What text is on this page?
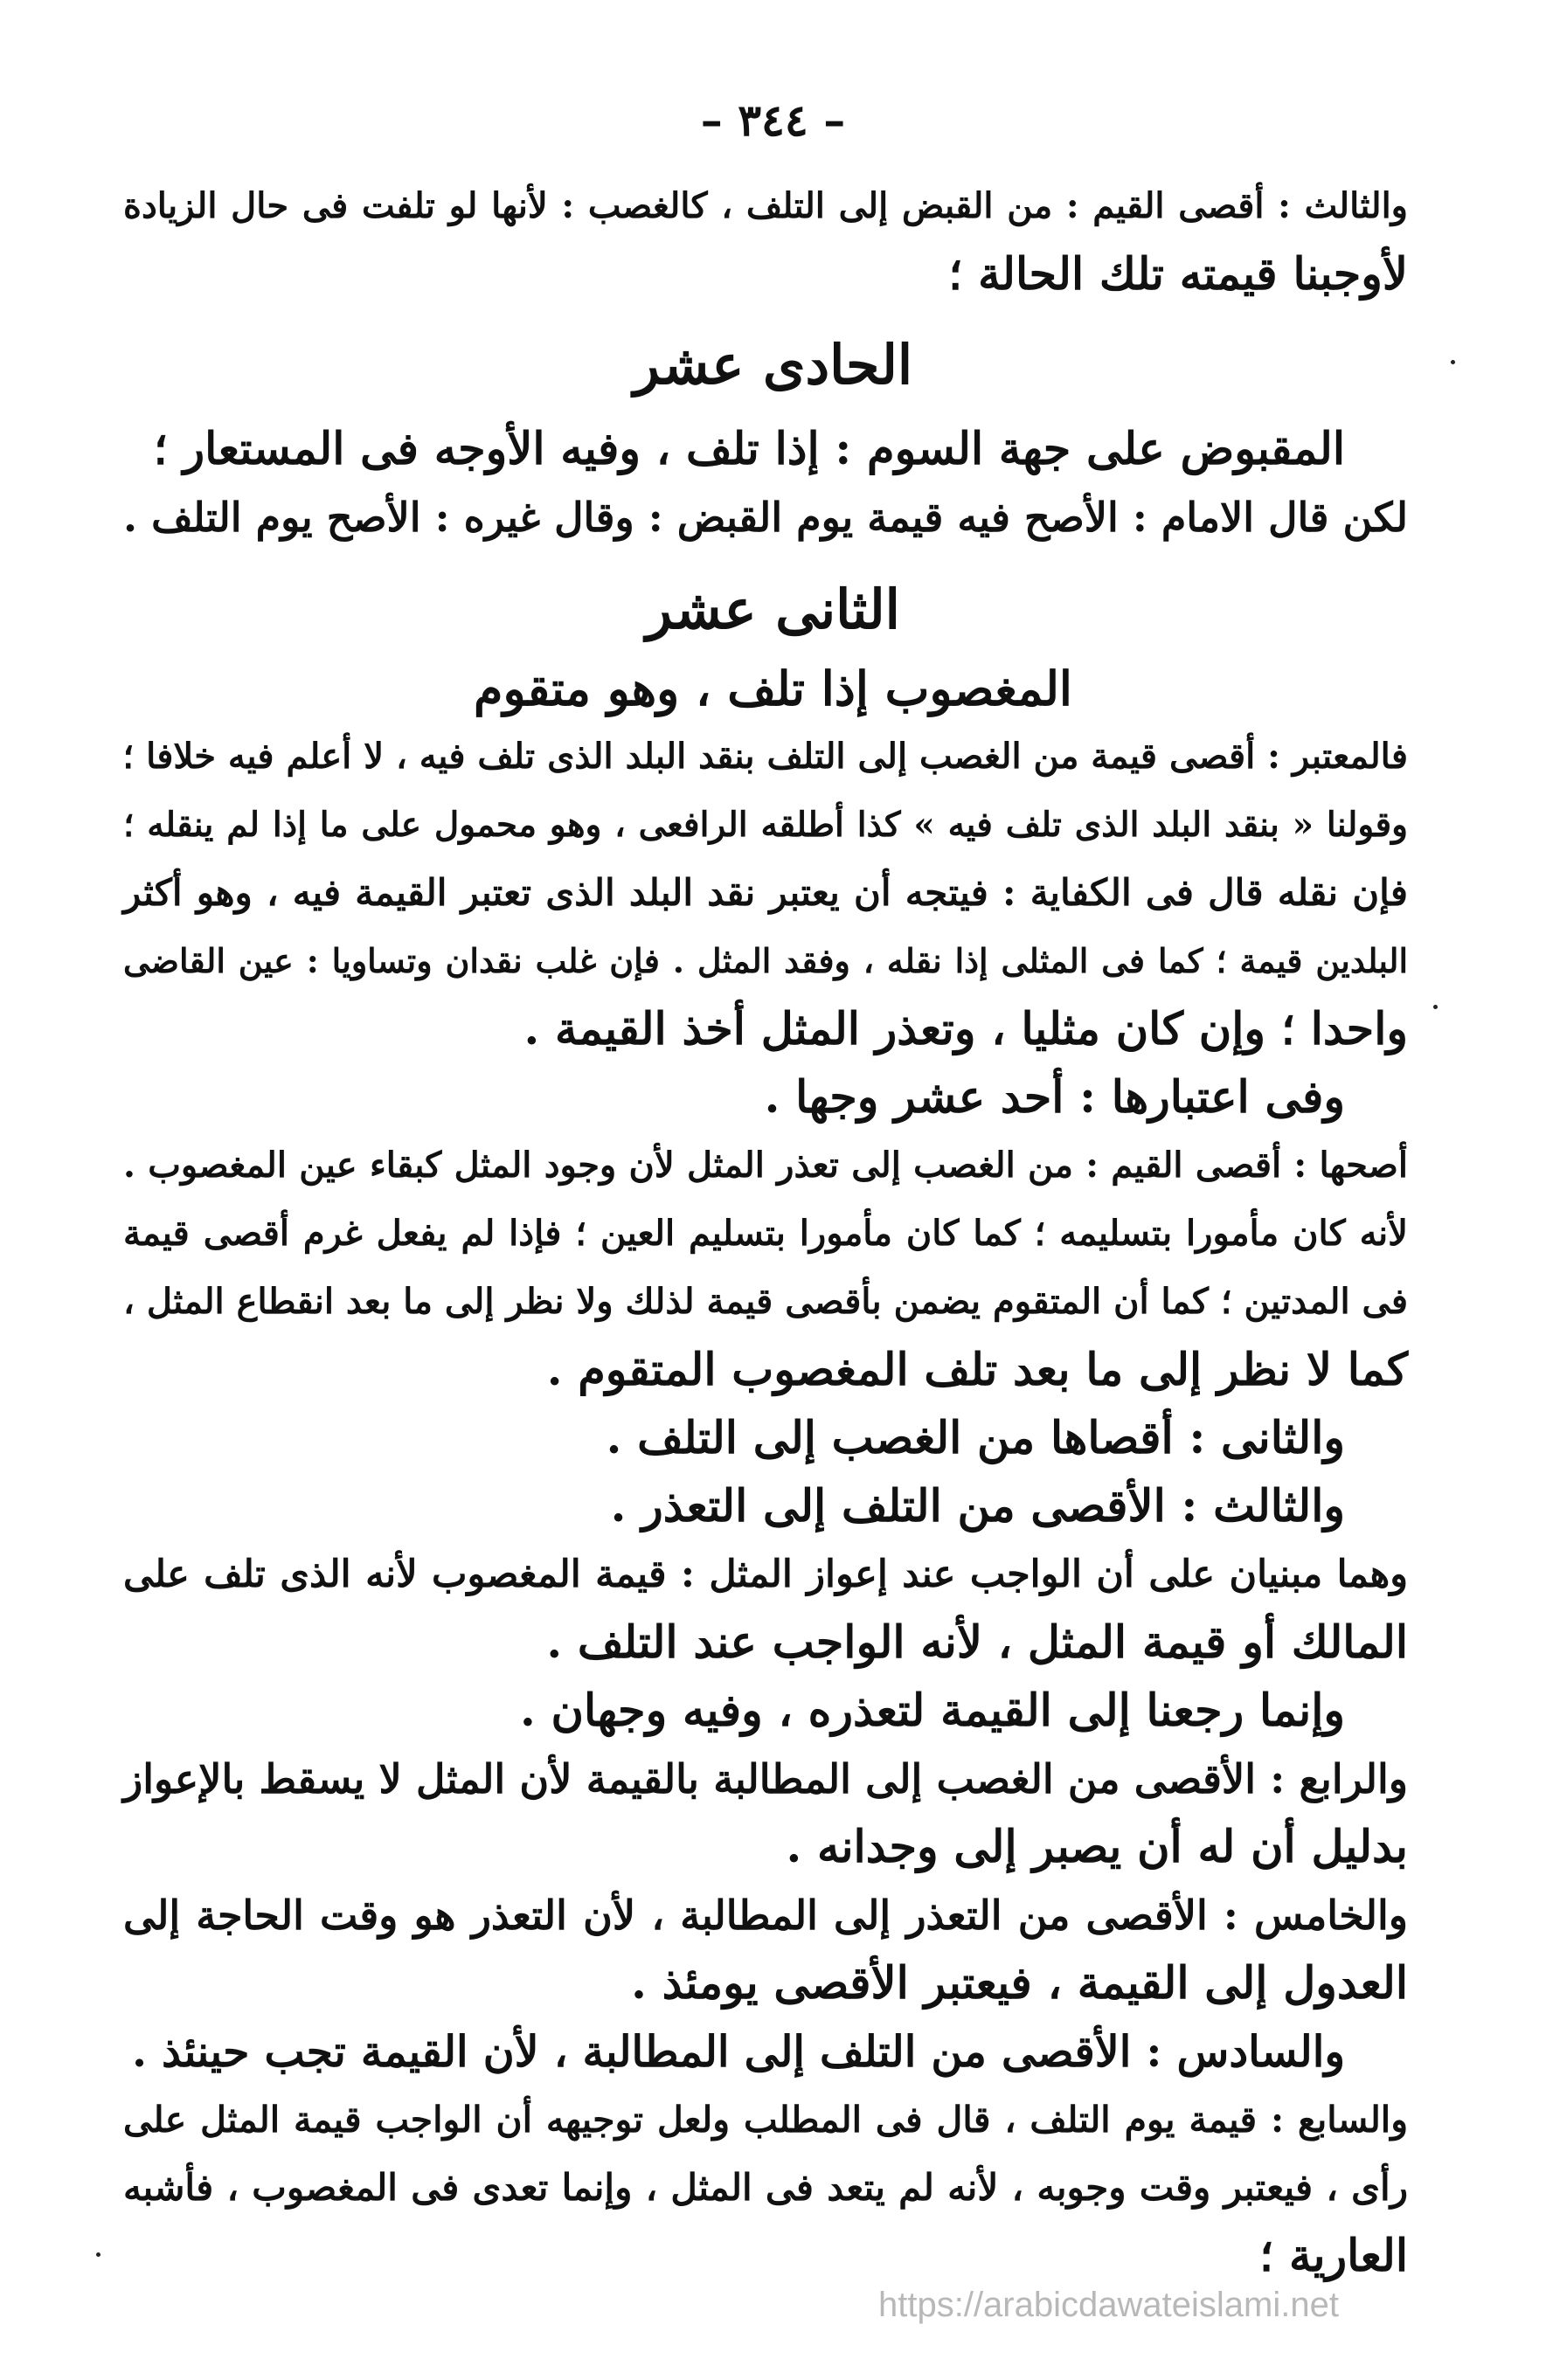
– ٣٤٤ –
والثالث : أقصى القيم : من القبض إلى التلف ، كالغصب : لأنها لو تلفت فى حال الزيادة
لأوجبنا قيمته تلك الحالة ؛
الحادى عشر
المقبوض على جهة السوم : إذا تلف ، وفيه الأوجه فى المستعار ؛
لكن قال الامام : الأصح فيه قيمة يوم القبض : وقال غيره : الأصح يوم التلف .
الثانى عشر
المغصوب إذا تلف ، وهو متقوم
فالمعتبر : أقصى قيمة من الغصب إلى التلف بنقد البلد الذى تلف فيه ، لا أعلم فيه خلافا ؛
وقولنا « بنقد البلد الذى تلف فيه » كذا أطلقه الرافعى ، وهو محمول على ما إذا لم ينقله ؛
فإن نقله قال فى الكفاية : فيتجه أن يعتبر نقد البلد الذى تعتبر القيمة فيه ، وهو أكثر
البلدين قيمة ؛ كما فى المثلى إذا نقله ، وفقد المثل . فإن غلب نقدان وتساويا : عين القاضى
واحدا ؛ وإن كان مثليا ، وتعذر المثل أخذ القيمة .
وفى اعتبارها : أحد عشر وجها .
أصحها : أقصى القيم : من الغصب إلى تعذر المثل لأن وجود المثل كبقاء عين المغصوب .
لأنه كان مأمورا بتسليمه ؛ كما كان مأمورا بتسليم العين ؛ فإذا لم يفعل غرم أقصى قيمة
فى المدتين ؛ كما أن المتقوم يضمن بأقصى قيمة لذلك ولا نظر إلى ما بعد انقطاع المثل ،
كما لا نظر إلى ما بعد تلف المغصوب المتقوم .
والثانى : أقصاها من الغصب إلى التلف .
والثالث : الأقصى من التلف إلى التعذر .
وهما مبنيان على أن الواجب عند إعواز المثل : قيمة المغصوب لأنه الذى تلف على
المالك أو قيمة المثل ، لأنه الواجب عند التلف .
وإنما رجعنا إلى القيمة لتعذره ، وفيه وجهان .
والرابع : الأقصى من الغصب إلى المطالبة بالقيمة لأن المثل لا يسقط بالإعواز
بدليل أن له أن يصبر إلى وجدانه .
والخامس : الأقصى من التعذر إلى المطالبة ، لأن التعذر هو وقت الحاجة إلى
العدول إلى القيمة ، فيعتبر الأقصى يومئذ .
والسادس : الأقصى من التلف إلى المطالبة ، لأن القيمة تجب حينئذ .
والسابع : قيمة يوم التلف ، قال فى المطلب ولعل توجيهه أن الواجب قيمة المثل على
رأى ، فيعتبر وقت وجوبه ، لأنه لم يتعد فى المثل ، وإنما تعدى فى المغصوب ، فأشبه
العارية ؛
https://arabicdawateislami.net
